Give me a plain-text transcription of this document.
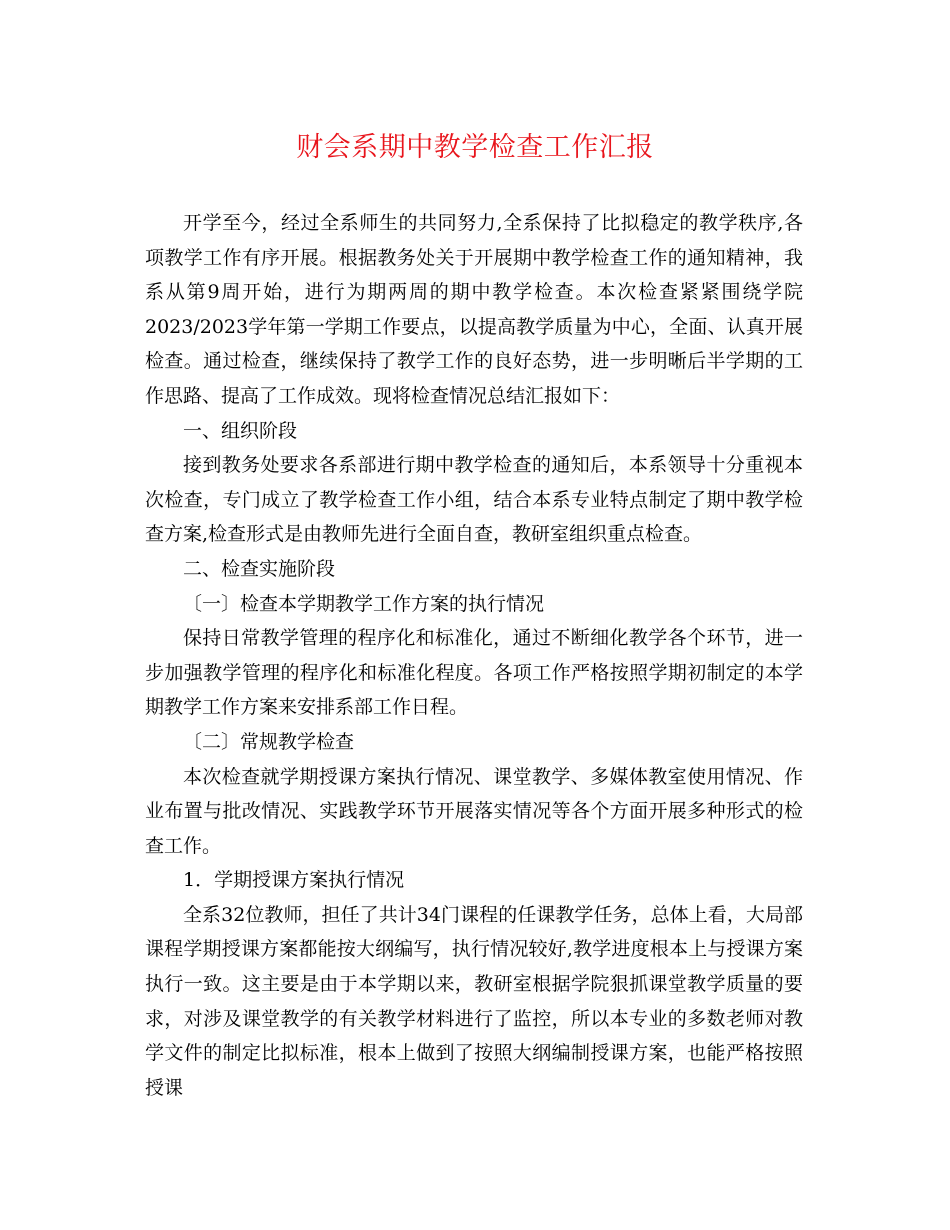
财会系期中教学检查工作汇报

开学至今，经过全系师生的共同努力,全系保持了比拟稳定的教学秩序,各项教学工作有序开展。根据教务处关于开展期中教学检查工作的通知精神，我系从第9周开始，进行为期两周的期中教学检查。本次检查紧紧围绕学院2023/2023学年第一学期工作要点，以提高教学质量为中心，全面、认真开展检查。通过检查，继续保持了教学工作的良好态势，进一步明晰后半学期的工作思路、提高了工作成效。现将检查情况总结汇报如下：

一、组织阶段

接到教务处要求各系部进行期中教学检查的通知后，本系领导十分重视本次检查，专门成立了教学检查工作小组，结合本系专业特点制定了期中教学检查方案,检查形式是由教师先进行全面自查，教研室组织重点检查。

二、检查实施阶段

〔一〕检查本学期教学工作方案的执行情况

保持日常教学管理的程序化和标准化，通过不断细化教学各个环节，进一步加强教学管理的程序化和标准化程度。各项工作严格按照学期初制定的本学期教学工作方案来安排系部工作日程。

〔二〕常规教学检查

本次检查就学期授课方案执行情况、课堂教学、多媒体教室使用情况、作业布置与批改情况、实践教学环节开展落实情况等各个方面开展多种形式的检查工作。

1．学期授课方案执行情况

全系32位教师，担任了共计34门课程的任课教学任务，总体上看，大局部课程学期授课方案都能按大纲编写，执行情况较好,教学进度根本上与授课方案执行一致。这主要是由于本学期以来，教研室根据学院狠抓课堂教学质量的要求，对涉及课堂教学的有关教学材料进行了监控，所以本专业的多数老师对教学文件的制定比拟标准，根本上做到了按照大纲编制授课方案，也能严格按照授课
